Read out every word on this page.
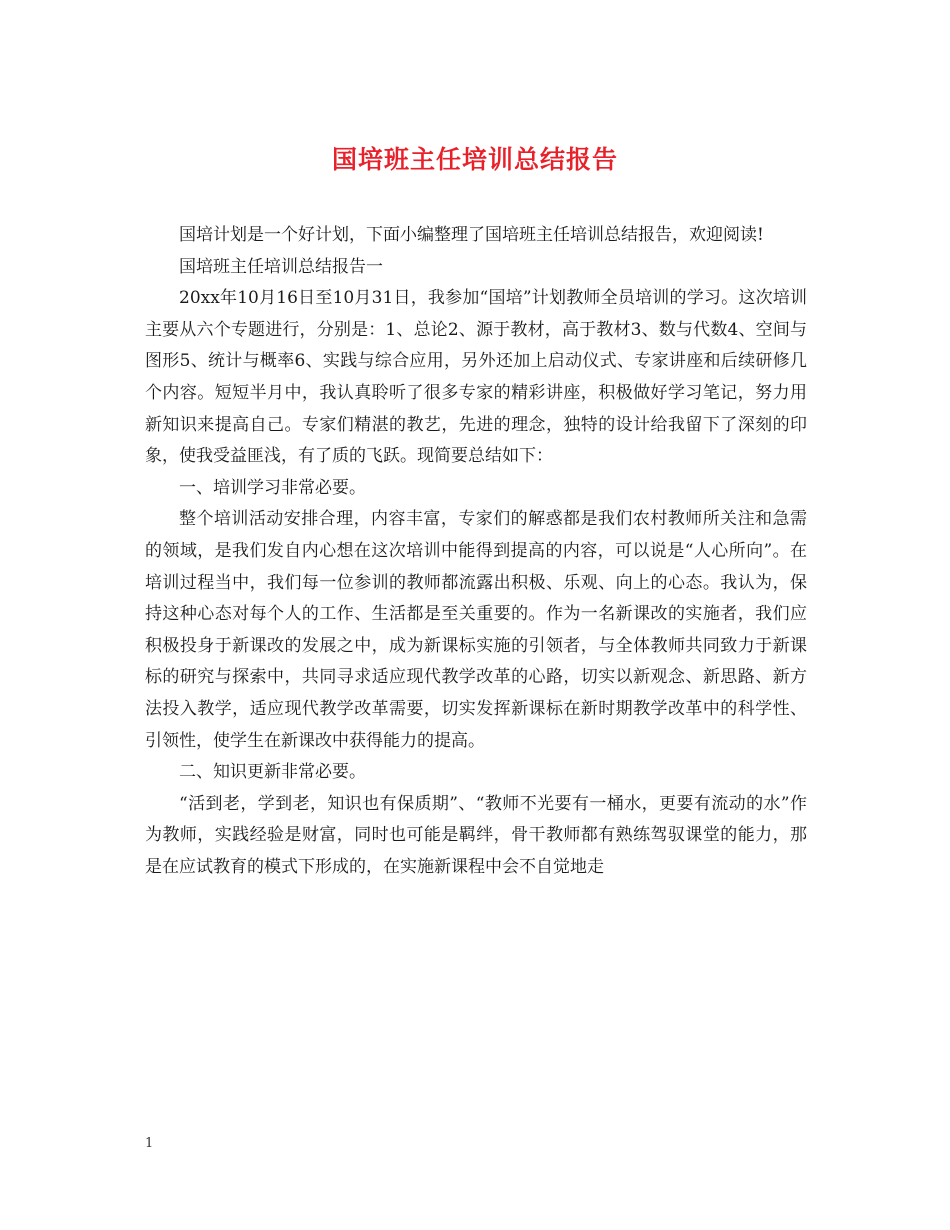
国培班主任培训总结报告

国培计划是一个好计划，下面小编整理了国培班主任培训总结报告，欢迎阅读!

国培班主任培训总结报告一

20xx年10月16日至10月31日，我参加“国培”计划教师全员培训的学习。这次培训主要从六个专题进行，分别是：1、总论2、源于教材，高于教材3、数与代数4、空间与图形5、统计与概率6、实践与综合应用，另外还加上启动仪式、专家讲座和后续研修几个内容。短短半月中，我认真聆听了很多专家的精彩讲座，积极做好学习笔记，努力用新知识来提高自己。专家们精湛的教艺，先进的理念，独特的设计给我留下了深刻的印象，使我受益匪浅，有了质的飞跃。现简要总结如下：

一、培训学习非常必要。

整个培训活动安排合理，内容丰富，专家们的解惑都是我们农村教师所关注和急需的领域，是我们发自内心想在这次培训中能得到提高的内容，可以说是“人心所向”。在培训过程当中，我们每一位参训的教师都流露出积极、乐观、向上的心态。我认为，保持这种心态对每个人的工作、生活都是至关重要的。作为一名新课改的实施者，我们应积极投身于新课改的发展之中，成为新课标实施的引领者，与全体教师共同致力于新课标的研究与探索中，共同寻求适应现代教学改革的心路，切实以新观念、新思路、新方法投入教学，适应现代教学改革需要，切实发挥新课标在新时期教学改革中的科学性、引领性，使学生在新课改中获得能力的提高。

二、知识更新非常必要。

“活到老，学到老，知识也有保质期”、“教师不光要有一桶水，更要有流动的水”作为教师，实践经验是财富，同时也可能是羁绊，骨干教师都有熟练驾驭课堂的能力，那是在应试教育的模式下形成的，在实施新课程中会不自觉地走

1
